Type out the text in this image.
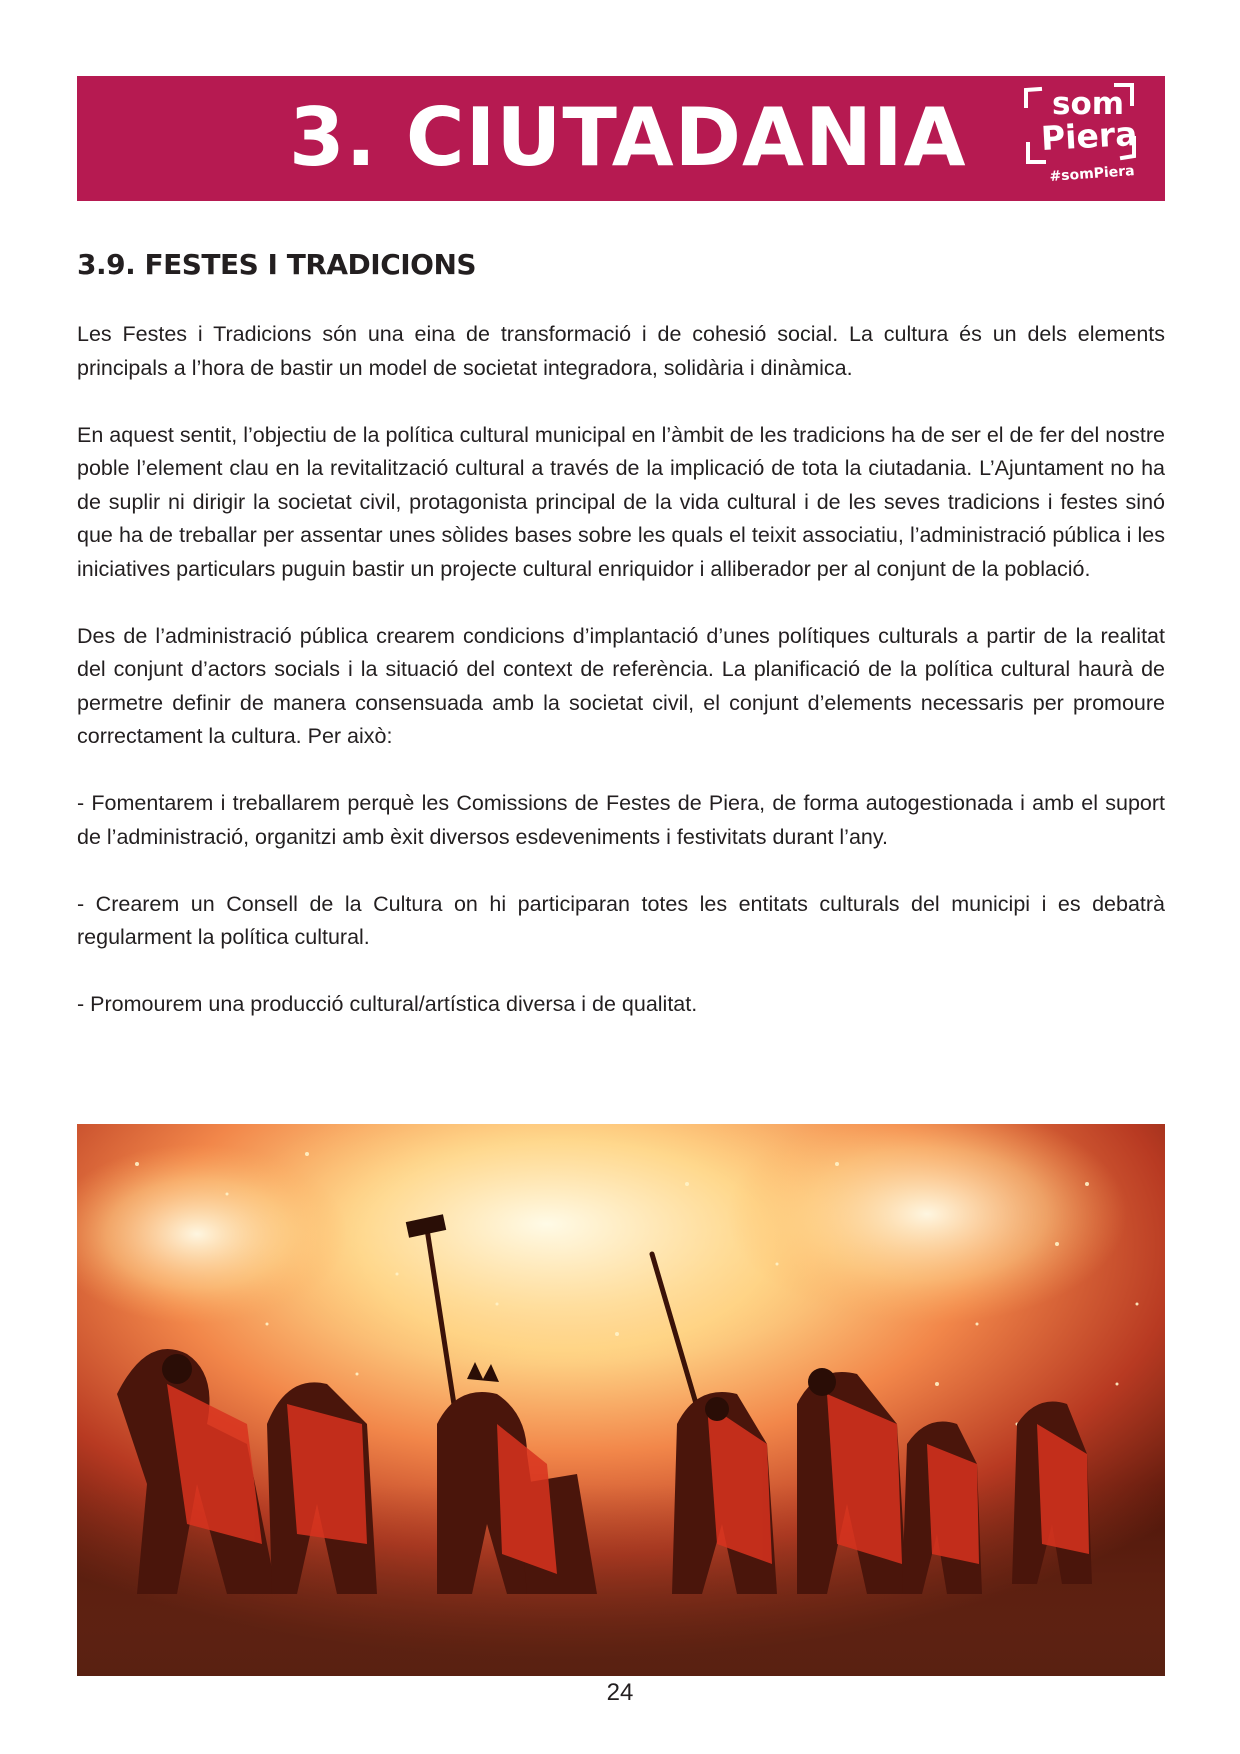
3. CIUTADANIA	som
Piera
#somPiera
3.9. FESTES I TRADICIONS

Les Festes i Tradicions són una eina de transformació i de cohesió social. La cultura és un dels elements principals a l’hora de bastir un model de societat integradora, solidària i dinàmica.

En aquest sentit, l’objectiu de la política cultural municipal en l’àmbit de les tradicions ha de ser el de fer del nostre poble l’element clau en la revitalització cultural a través de la implicació de tota la ciutadania. L’Ajuntament no ha de suplir ni dirigir la societat civil, protagonista principal de la vida cultural i de les seves tradicions i festes sinó que ha de treballar per assentar unes sòlides bases sobre les quals el teixit associatiu, l’administració pública i les iniciatives particulars puguin bastir un projecte cultural enriquidor i alliberador per al conjunt de la població.

Des de l’administració pública crearem condicions d’implantació d’unes polítiques culturals a partir de la realitat del conjunt d’actors socials i la situació del context de referència. La planificació de la política cultural haurà de permetre definir de manera consensuada amb la societat civil, el conjunt d’elements necessaris per promoure correctament la cultura. Per això:

- Fomentarem i treballarem perquè les Comissions de Festes de Piera, de forma autogestionada i amb el suport de l’administració, organitzi amb èxit diversos esdeveniments i festivitats durant l’any.

- Crearem un Consell de la Cultura on hi participaran totes les entitats culturals del municipi i es debatrà regularment la política cultural.

- Promourem una producció cultural/artística diversa i de qualitat.

24
